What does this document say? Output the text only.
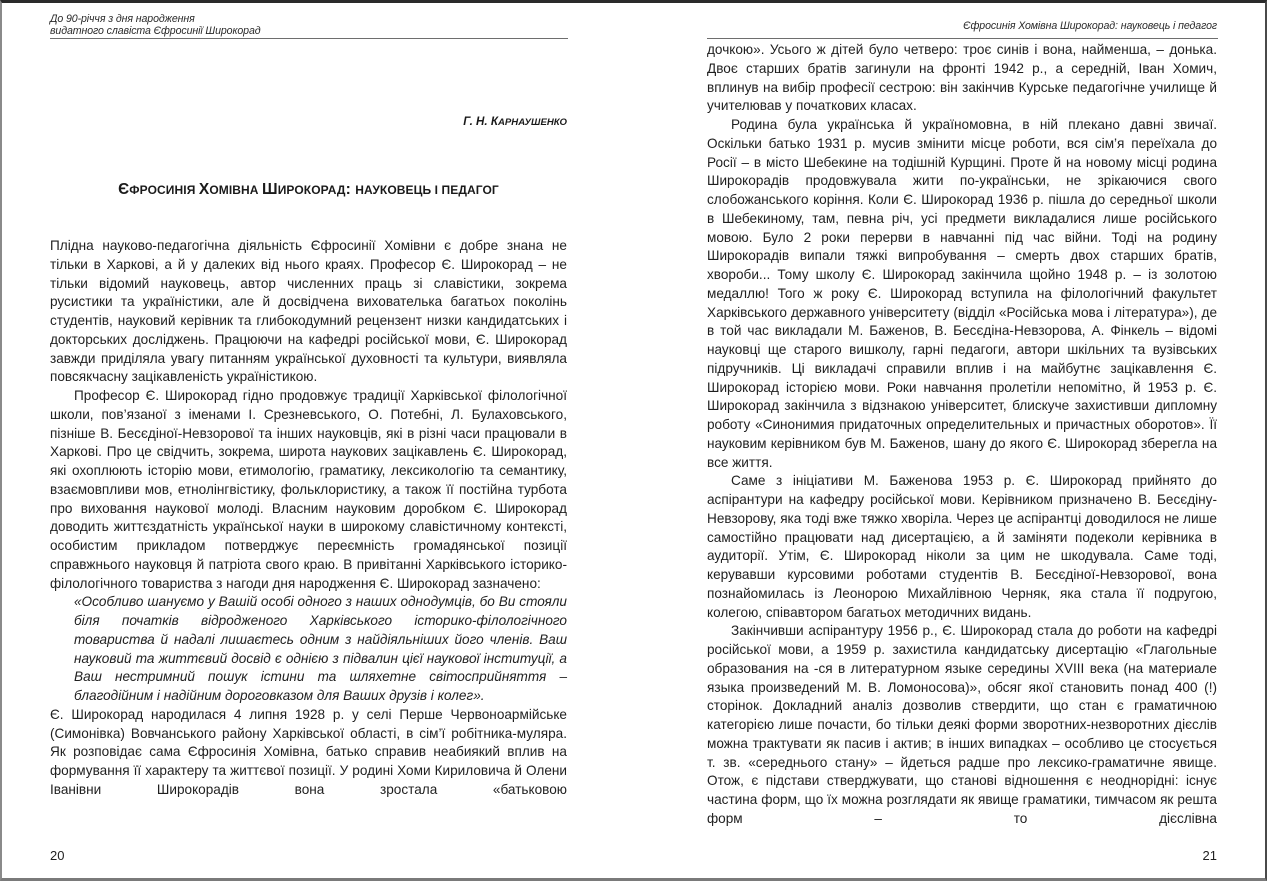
До 90-річчя з дня народження
видатного славіста Єфросинії Широкорад
Г. Н. КАРНАУШЕНКО
ЄФРОСИНІЯ ХОМІВНА ШИРОКОРАД: НАУКОВЕЦЬ І ПЕДАГОГ

Плідна науково-педагогічна діяльність Єфросинії Хомівни є добре знана не тільки в Харкові, а й у далеких від нього краях. Професор Є. Широкорад – не тільки відомий науковець, автор численних праць зі славістики, зокрема русистики та україністики, але й досвідчена вихователька багатьох поколінь студентів, науковий керівник та глибокодумний рецензент низки кандидатських і докторських досліджень. Працюючи на кафедрі російської мови, Є. Широкорад завжди приділяла увагу питанням української духовності та культури, виявляла повсякчасну зацікавленість україністикою.

Професор Є. Широкорад гідно продовжує традиції Харківської філологічної школи, пов’язаної з іменами І. Срезневського, О. Потебні, Л. Булаховського, пізніше В. Бесєдіної-Невзорової та інших науковців, які в різні часи працювали в Харкові. Про це свідчить, зокрема, широта наукових зацікавлень Є. Широкорад, які охоплюють історію мови, етимологію, граматику, лексикологію та семантику, взаємовпливи мов, етнолінгвістику, фольклористику, а також її постійна турбота про виховання наукової молоді. Власним науковим доробком Є. Широкорад доводить життєздатність української науки в широкому славістичному контексті, особистим прикладом потверджує переємність громадянської позиції справжнього науковця й патріота свого краю. В привітанні Харківського історико-філологічного товариства з нагоди дня народження Є. Широкорад зазначено:

«Особливо шануємо у Вашій особі одного з наших однодумців, бо Ви стояли біля початків відродженого Харківського історико-філологічного товариства й надалі лишаєтесь одним з найдіяльніших його членів. Ваш науковий та життєвий досвід є однією з підвалин цієї наукової інституції, а Ваш нестримний пошук істини та шляхетне світосприйняття – благодійним і надійним дороговказом для Ваших друзів і колег».

Є. Широкорад народилася 4 липня 1928 р. у селі Перше Червоноармійське (Симонівка) Вовчанського району Харківської області, в сім’ї робітника-муляра. Як розповідає сама Єфросинія Хомівна, батько справив неабиякий вплив на формування її характеру та життєвої позиції. У родині Хоми Кириловича й Олени Іванівни Широкорадів вона зростала «батьковою

20
Єфросинія Хомівна Широкорад: науковець і педагог

дочкою». Усього ж дітей було четверо: троє синів і вона, найменша, – донька. Двоє старших братів загинули на фронті 1942 р., а середній, Іван Хомич, вплинув на вибір професії сестрою: він закінчив Курське педагогічне училище й учителював у початкових класах.

Родина була українська й україномовна, в ній плекано давні звичаї. Оскільки батько 1931 р. мусив змінити місце роботи, вся сім’я переїхала до Росії – в місто Шебекине на тодішній Курщині. Проте й на новому місці родина Широкорадів продовжувала жити по-українськи, не зрікаючися свого слобожанського коріння. Коли Є. Широкорад 1936 р. пішла до середньої школи в Шебекиному, там, певна річ, усі предмети викладалися лише російського мовою. Було 2 роки перерви в навчанні під час війни. Тоді на родину Широкорадів випали тяжкі випробування – смерть двох старших братів, хвороби... Тому школу Є. Широкорад закінчила щойно 1948 р. – із золотою медаллю! Того ж року Є. Широкорад вступила на філологічний факультет Харківського державного університету (відділ «Російська мова і література»), де в той час викладали М. Баженов, В. Бесєдіна-Невзорова, А. Фінкель – відомі науковці ще старого вишколу, гарні педагоги, автори шкільних та вузівських підручників. Ці викладачі справили вплив і на майбутнє зацікавлення Є. Широкорад історією мови. Роки навчання пролетіли непомітно, й 1953 р. Є. Широкорад закінчила з відзнакою університет, блискуче захистивши дипломну роботу «Синонимия придаточных определительных и причастных оборотов». Її науковим керівником був М. Баженов, шану до якого Є. Широкорад зберегла на все життя.

Саме з ініціативи М. Баженова 1953 р. Є. Широкорад прийнято до аспірантури на кафедру російської мови. Керівником призначено В. Бесєдіну-Невзорову, яка тоді вже тяжко хворіла. Через це аспірантці доводилося не лише самостійно працювати над дисертацією, а й заміняти подеколи керівника в аудиторії. Утім, Є. Широкорад ніколи за цим не шкодувала. Саме тоді, керувавши курсовими роботами студентів В. Бесєдіної-Невзорової, вона познайомилась із Леонорою Михайлівною Черняк, яка стала її подругою, колегою, співавтором багатьох методичних видань.

Закінчивши аспірантуру 1956 р., Є. Широкорад стала до роботи на кафедрі російської мови, а 1959 р. захистила кандидатську дисертацію «Глагольные образования на -ся в литературном языке середины XVIII века (на материале языка произведений М. В. Ломоносова)», обсяг якої становить понад 400 (!) сторінок. Докладний аналіз дозволив ствердити, що стан є граматичною категорією лише почасти, бо тільки деякі форми зворотних-незворотних дієслів можна трактувати як пасив і актив; в інших випадках – особливо це стосується т. зв. «середнього стану» – йдеться радше про лексико-граматичне явище. Отож, є підстави стверджувати, що станові відношення є неоднорідні: існує частина форм, що їх можна розглядати як явище граматики, тимчасом як решта форм – то дієслівна

21
